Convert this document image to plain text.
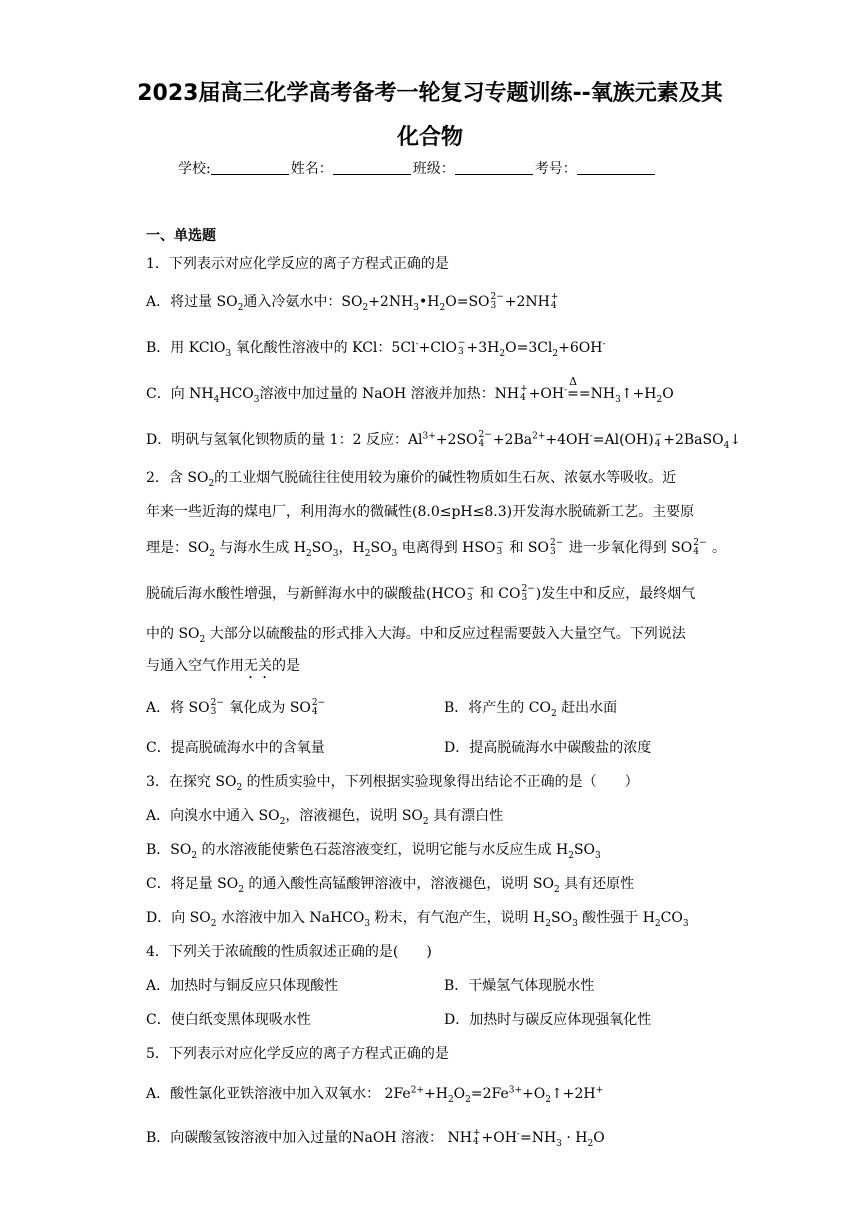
2023届高三化学高考备考一轮复习专题训练--氧族元素及其
化合物
学校:	姓名：	班级：	考号：
一、单选题
1．下列表示对应化学反应的离子方程式正确的是
A．将过量 $SO_2$通入冷氨水中：$SO_2+2NH_3•H_2O=SO$ 2−
3 +2NH +
4
B．用 KClO$_3$ 氧化酸性溶液中的 KCl：5Cl-+ClO −
$3 +3H_2O=3Cl_2+6OH^-$
C．向 $NH_4HCO_3$溶液中加过量的 NaOH 溶液并加热：NH +
4 +OH-=
Δ
$=NH_3↑+H_2O$
D．明矾与氢氧化钡物质的量 1：2 反应：$Al^{3+}+2SO$ 2−
$4 +2Ba^{2+}+4OH^-=Al(OH)$ −
4 +2BaSO$_4$↓
2．含 $SO_2$的工业烟气脱硫往往使用较为廉价的碱性物质如生石灰、浓氨水等吸收。近
年来一些近海的煤电厂，利用海水的微碱性(8.0≤pH≤8.3)开发海水脱硫新工艺。主要原
理是：$SO_2$ 与海水生成 $H_2SO_3$，$H_2SO_3$ 电离得到 HSO −
3 和 SO 2−
3 进一步氧化得到 SO 2−
4 。
脱硫后海水酸性增强，与新鲜海水中的碳酸盐(HCO −
3 和 CO 2−
3 )发生中和反应，最终烟气
中的 $SO_2$ 大部分以硫酸盐的形式排入大海。中和反应过程需要鼓入大量空气。下列说法
与通入空气作用无关的是
A．将 SO 2−
3 氧化成为 SO 2−
4	B．将产生的 $CO_2$ 赶出水面
C．提高脱硫海水中的含氧量	D．提高脱硫海水中碳酸盐的浓度
3．在探究 $SO_2$ 的性质实验中，下列根据实验现象得出结论不正确的是（　　）
A．向溴水中通入 $SO_2$，溶液褪色，说明 $SO_2$ 具有漂白性
B．$SO_2$ 的水溶液能使紫色石蕊溶液变红，说明它能与水反应生成 $H_2SO_3$
C．将足量 $SO_2$ 的通入酸性高锰酸钾溶液中，溶液褪色，说明 $SO_2$ 具有还原性
D．向 $SO_2$ 水溶液中加入 NaHCO$_3$ 粉末，有气泡产生，说明 $H_2SO_3$ 酸性强于 $H_2CO_3$
4．下列关于浓硫酸的性质叙述正确的是(　　)
A．加热时与铜反应只体现酸性	B．干燥氢气体现脱水性
C．使白纸变黑体现吸水性	D．加热时与碳反应体现强氧化性
5．下列表示对应化学反应的离子方程式正确的是
A．酸性氯化亚铁溶液中加入双氧水： $2Fe^{2+}+H_2O_2=2Fe^{3+}+O_2↑+2H^+$
B．向碳酸氢铵溶液中加入过量的NaOH 溶液： NH +
$4 +OH^-=NH_3 \cdot H_2O$
